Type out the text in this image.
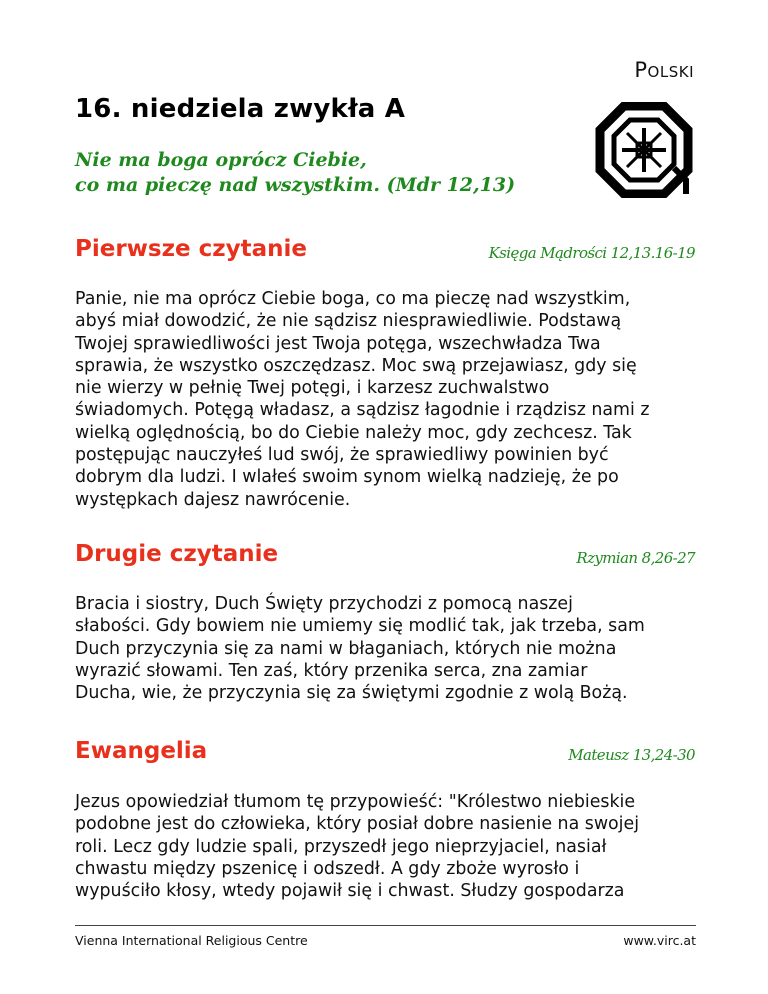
Polski
16. niedziela zwykła A
Nie ma boga oprócz Ciebie,
co ma pieczę nad wszystkim. (Mdr 12,13)
Pierwsze czytanie	Księga Mądrości 12,13.16-19
Panie, nie ma oprócz Ciebie boga, co ma pieczę nad wszystkim,
abyś miał dowodzić, że nie sądzisz niesprawiedliwie. Podstawą
Twojej sprawiedliwości jest Twoja potęga, wszechwładza Twa
sprawia, że wszystko oszczędzasz. Moc swą przejawiasz, gdy się
nie wierzy w pełnię Twej potęgi, i karzesz zuchwalstwo
świadomych. Potęgą władasz, a sądzisz łagodnie i rządzisz nami z
wielką oględnością, bo do Ciebie należy moc, gdy zechcesz. Tak
postępując nauczyłeś lud swój, że sprawiedliwy powinien być
dobrym dla ludzi. I wlałeś swoim synom wielką nadzieję, że po
występkach dajesz nawrócenie.
Drugie czytanie	Rzymian 8,26-27
Bracia i siostry, Duch Święty przychodzi z pomocą naszej
słabości. Gdy bowiem nie umiemy się modlić tak, jak trzeba, sam
Duch przyczynia się za nami w błaganiach, których nie można
wyrazić słowami. Ten zaś, który przenika serca, zna zamiar
Ducha, wie, że przyczynia się za świętymi zgodnie z wolą Bożą.
Ewangelia	Mateusz 13,24-30
Jezus opowiedział tłumom tę przypowieść: "Królestwo niebieskie
podobne jest do człowieka, który posiał dobre nasienie na swojej
roli. Lecz gdy ludzie spali, przyszedł jego nieprzyjaciel, nasiał
chwastu między pszenicę i odszedł. A gdy zboże wyrosło i
wypuściło kłosy, wtedy pojawił się i chwast. Słudzy gospodarza
Vienna International Religious Centre	www.virc.at
